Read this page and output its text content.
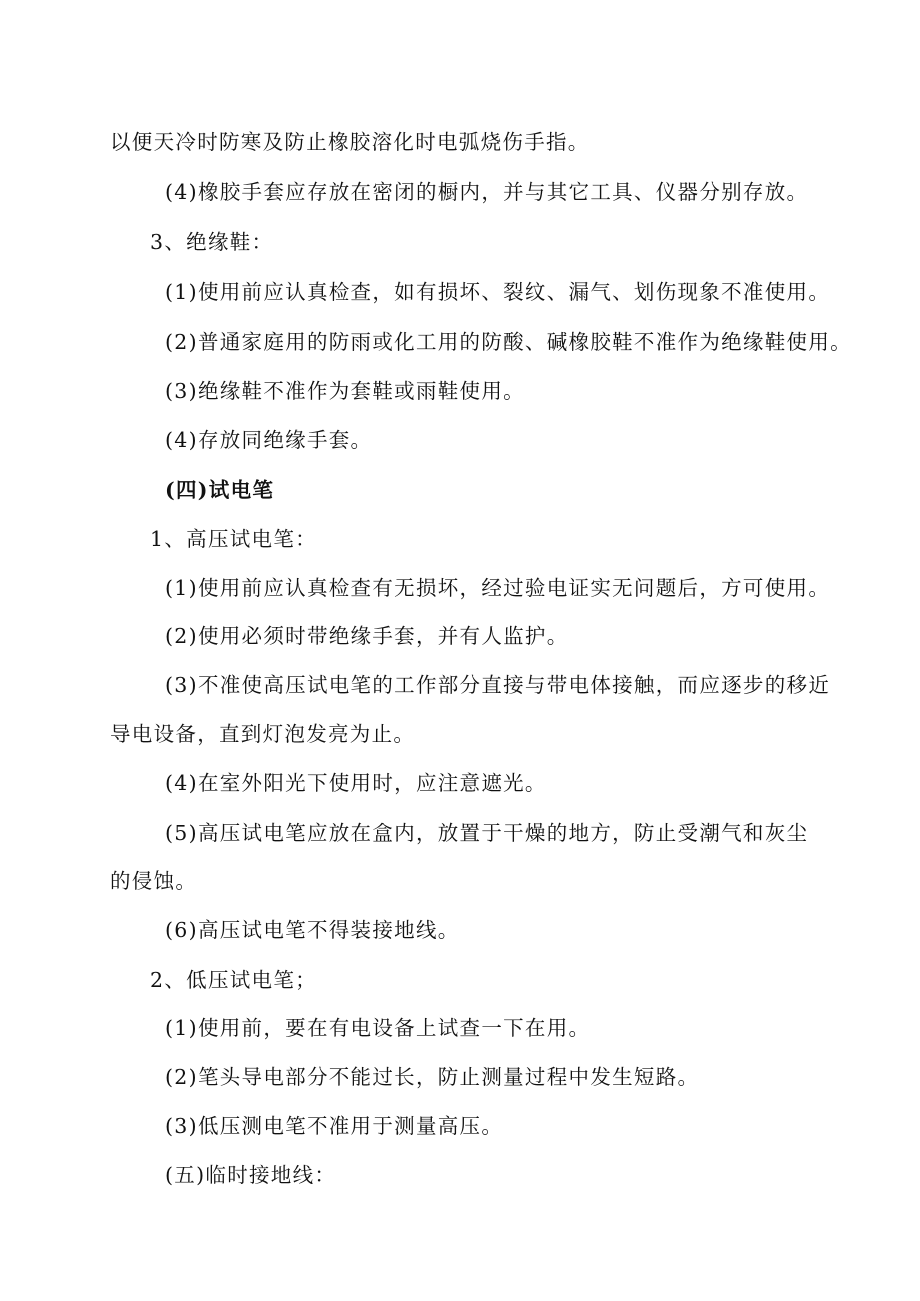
以便天冷时防寒及防止橡胶溶化时电弧烧伤手指。
(4)橡胶手套应存放在密闭的橱内，并与其它工具、仪器分别存放。
3、绝缘鞋：
(1)使用前应认真检查，如有损坏、裂纹、漏气、划伤现象不准使用。
(2)普通家庭用的防雨或化工用的防酸、碱橡胶鞋不准作为绝缘鞋使用。
(3)绝缘鞋不准作为套鞋或雨鞋使用。
(4)存放同绝缘手套。
(四)试电笔
1、高压试电笔：
(1)使用前应认真检查有无损坏，经过验电证实无问题后，方可使用。
(2)使用必须时带绝缘手套，并有人监护。
(3)不准使高压试电笔的工作部分直接与带电体接触，而应逐步的移近
导电设备，直到灯泡发亮为止。
(4)在室外阳光下使用时，应注意遮光。
(5)高压试电笔应放在盒内，放置于干燥的地方，防止受潮气和灰尘
的侵蚀。
(6)高压试电笔不得装接地线。
2、低压试电笔；
(1)使用前，要在有电设备上试查一下在用。
(2)笔头导电部分不能过长，防止测量过程中发生短路。
(3)低压测电笔不准用于测量高压。
(五)临时接地线：
